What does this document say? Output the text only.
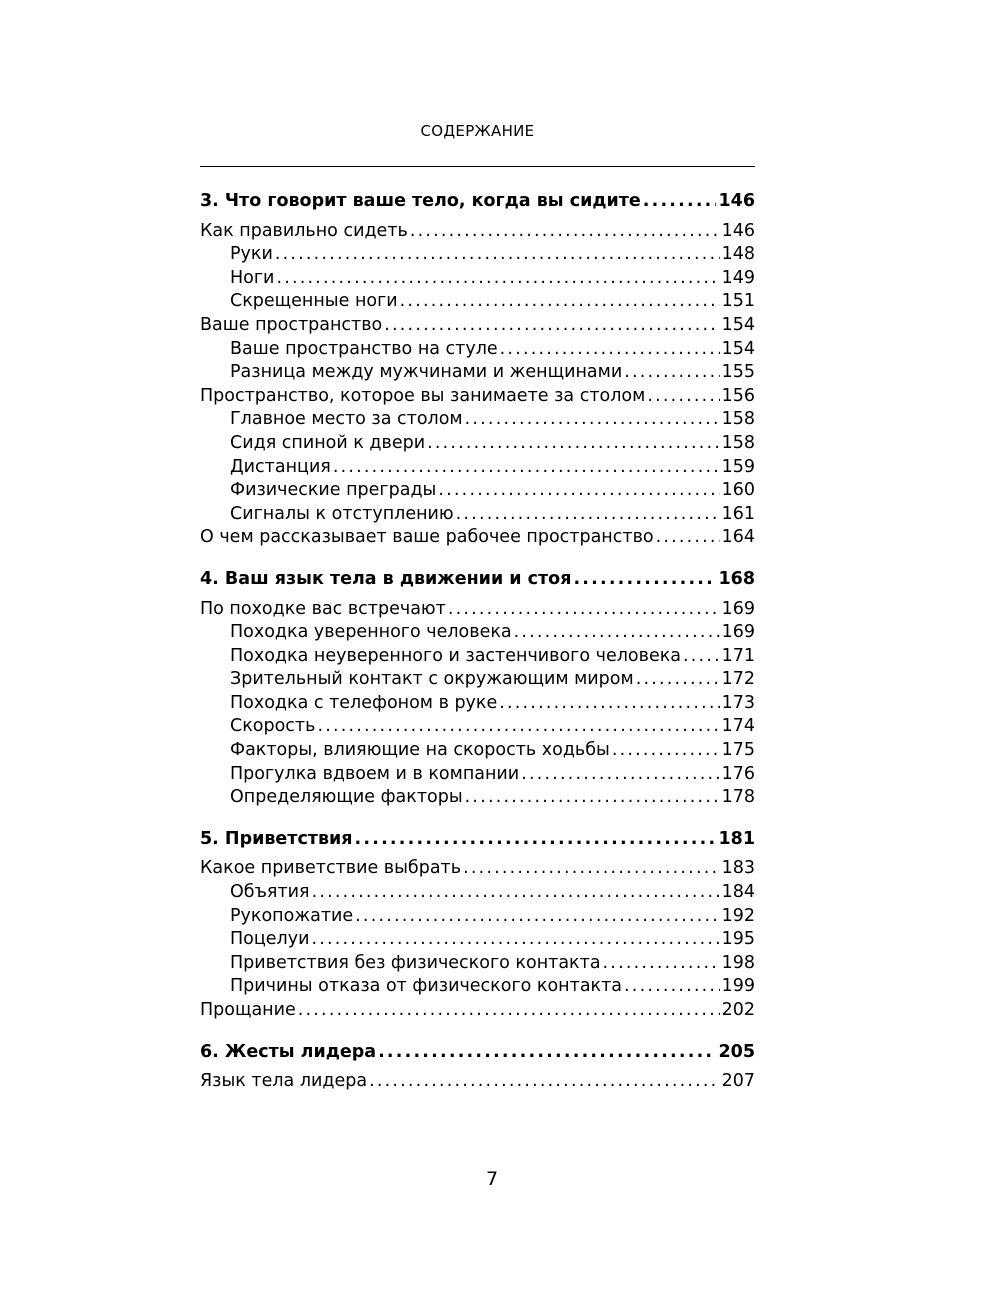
СОДЕРЖАНИЕ
3. Что говорит ваше тело, когда вы сидите .....	146
Как правильно сидеть .....	146
Руки .....	148
Ноги .....	149
Скрещенные ноги .....	151
Ваше пространство .....	154
Ваше пространство на стуле .....	154
Разница между мужчинами и женщинами .....	155
Пространство, которое вы занимаете за столом .....	156
Главное место за столом .....	158
Сидя спиной к двери .....	158
Дистанция .....	159
Физические преграды .....	160
Сигналы к отступлению .....	161
О чем рассказывает ваше рабочее пространство .....	164
4. Ваш язык тела в движении и стоя .....	168
По походке вас встречают .....	169
Походка уверенного человека .....	169
Походка неуверенного и застенчивого человека ..... 171
Зрительный контакт с окружающим миром .....	172
Походка с телефоном в руке .....	173
Скорость .....	174
Факторы, влияющие на скорость ходьбы .....	175
Прогулка вдвоем и в компании .....	176
Определяющие факторы .....	178
5. Приветствия .....	181
Какое приветствие выбрать .....	183
Объятия .....	184
Рукопожатие .....	192
Поцелуи .....	195
Приветствия без физического контакта .....	198
Причины отказа от физического контакта .....	199
Прощание .....	202
6. Жесты лидера .....	205
Язык тела лидера .....	207
7
